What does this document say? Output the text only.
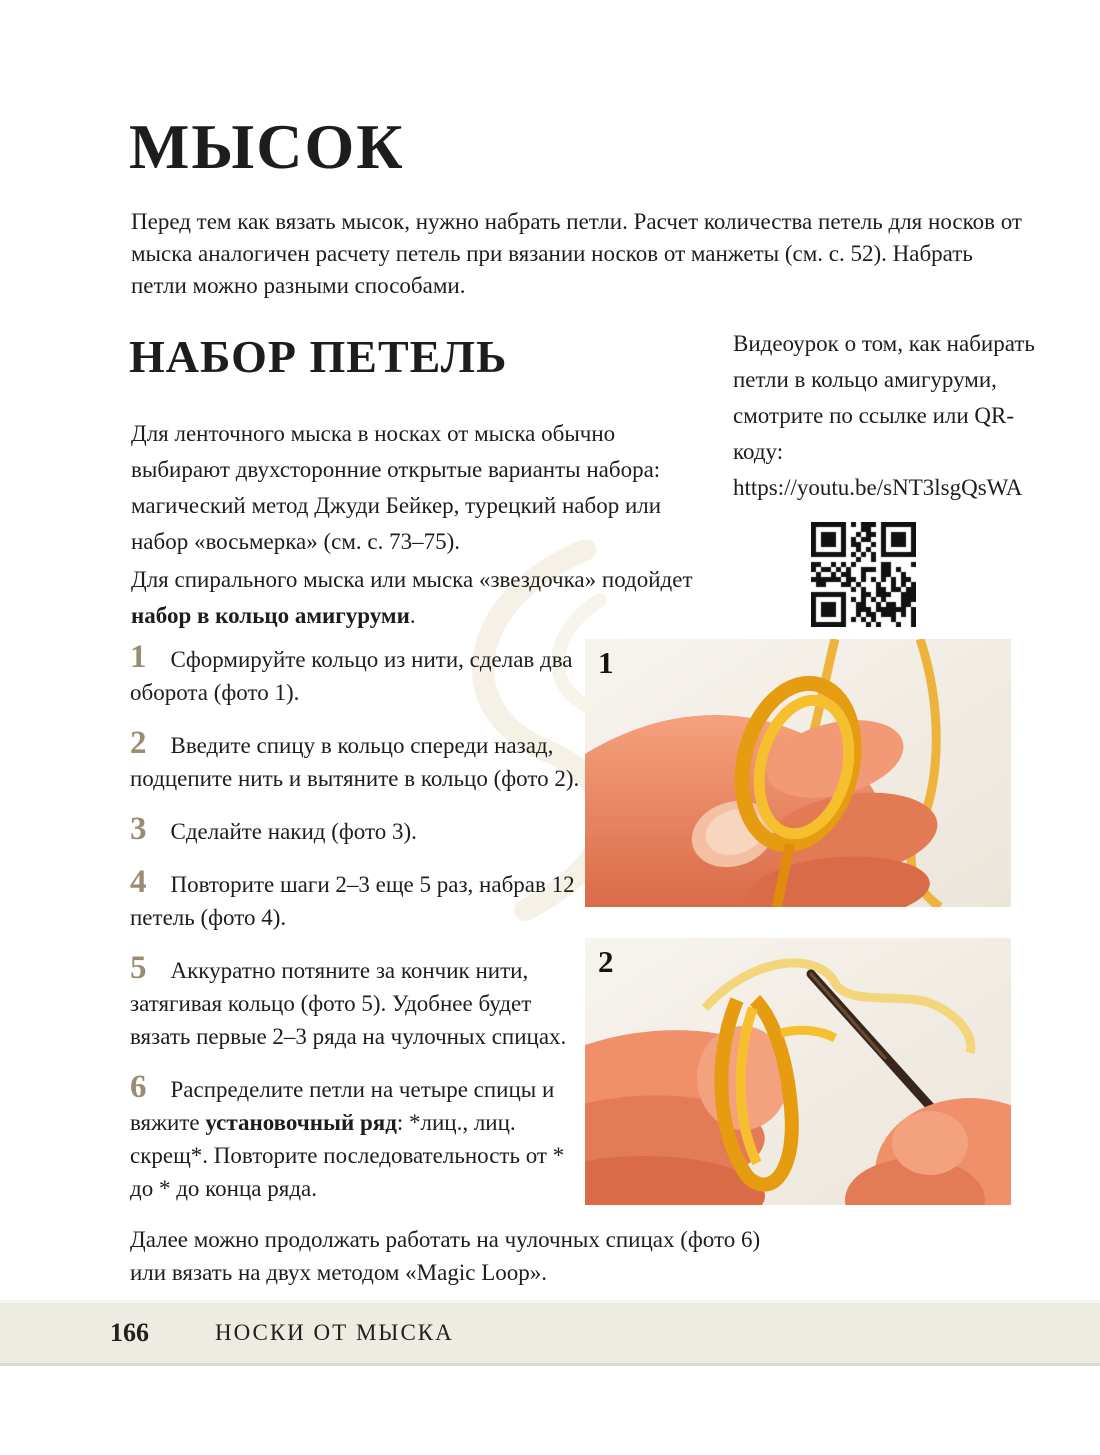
МЫСОК

Перед тем как вязать мысок, нужно набрать петли. Расчет количества петель для носков от мыска аналогичен расчету петель при вязании носков от манжеты (см. с. 52). Набрать петли можно разными способами.

НАБОР ПЕТЕЛЬ

Для ленточного мыска в носках от мыска обычно выбирают двухсторонние открытые варианты набора: магический метод Джуди Бейкер, турецкий набор или набор «восьмерка» (см. с. 73–75).

Для спирального мыска или мыска «звездочка» подойдет набор в кольцо амигуруми.

Видеоурок о том, как набирать петли в кольцо амигуруми, смотрите по ссылке или QR-коду: https://youtu.be/sNT3lsgQsWA

1 Сформируйте кольцо из нити, сделав два оборота (фото 1).

2 Введите спицу в кольцо спереди назад, подцепите нить и вытяните в кольцо (фото 2).

3 Сделайте накид (фото 3).

4 Повторите шаги 2–3 еще 5 раз, набрав 12 петель (фото 4).

5 Аккуратно потяните за кончик нити, затягивая кольцо (фото 5). Удобнее будет вязать первые 2–3 ряда на чулочных спицах.

6 Распределите петли на четыре спицы и вяжите установочный ряд: *лиц., лиц. скрещ*. Повторите последовательность от * до * до конца ряда.

Далее можно продолжать работать на чулочных спицах (фото 6) или вязать на двух методом «Magic Loop».

1
2
166	НОСКИ ОТ МЫСКА
